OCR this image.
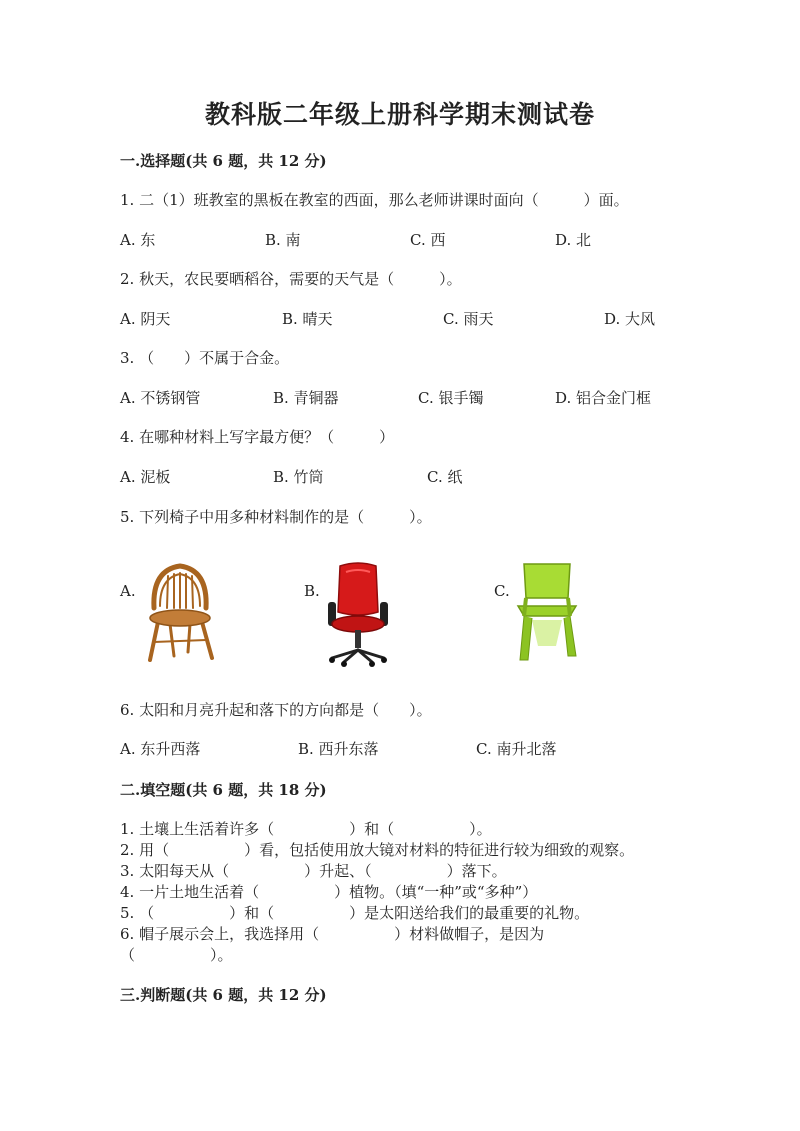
教科版二年级上册科学期末测试卷
一.选择题(共 6 题，共 12 分)
1. 二（1）班教室的黑板在教室的西面，那么老师讲课时面向（　　　）面。
A. 东	B. 南	C. 西	D. 北
2. 秋天，农民要晒稻谷，需要的天气是（　　　）。
A. 阴天	B. 晴天	C. 雨天	D. 大风
3. （　　）不属于合金。
A. 不锈钢管	B. 青铜器	C. 银手镯	D. 铝合金门框
4. 在哪种材料上写字最方便？（　　　）
A. 泥板	B. 竹筒	C. 纸
5. 下列椅子中用多种材料制作的是（　　　）。
A.	B.	C.
6. 太阳和月亮升起和落下的方向都是（　　）。
A. 东升西落	B. 西升东落	C. 南升北落
二.填空题(共 6 题，共 18 分)
1. 土壤上生活着许多（　　　　　）和（　　　　　）。
2. 用（　　　　　）看，包括使用放大镜对材料的特征进行较为细致的观察。
3. 太阳每天从（　　　　　）升起、（　　　　　）落下。
4. 一片土地生活着（　　　　　）植物。（填“一种”或“多种”）
5. （　　　　　）和（　　　　　）是太阳送给我们的最重要的礼物。
6. 帽子展示会上，我选择用（　　　　　）材料做帽子，是因为
（　　　　　）。
三.判断题(共 6 题，共 12 分)
